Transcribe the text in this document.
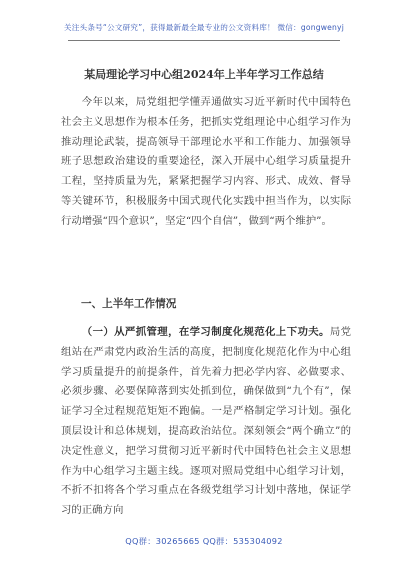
关注头条号“公文研究”，获得最新最全最专业的公文资料库！ 微信：gongwenyj
某局理论学习中心组2024年上半年学习工作总结

今年以来，局党组把学懂弄通做实习近平新时代中国特色社会主义思想作为根本任务，把抓实党组理论中心组学习作为推动理论武装，提高领导干部理论水平和工作能力、加强领导班子思想政治建设的重要途径，深入开展中心组学习质量提升工程，坚持质量为先，紧紧把握学习内容、形式、成效、督导等关键环节，积极服务中国式现代化实践中担当作为，以实际行动增强“四个意识”，坚定“四个自信”，做到“两个维护”。

一、上半年工作情况

（一）从严抓管理，在学习制度化规范化上下功夫。局党组站在严肃党内政治生活的高度，把制度化规范化作为中心组学习质量提升的前提条件，首先着力把必学内容、必做要求、必须步骤、必要保障落到实处抓到位，确保做到“九个有”，保证学习全过程规范矩矩不跑偏。一是严格制定学习计划。强化顶层设计和总体规划，提高政治站位。深刻领会“两个确立”的决定性意义，把学习贯彻习近平新时代中国特色社会主义思想作为中心组学习主题主线。逐项对照局党组中心组学习计划，不折不扣将各个学习重点在各级党组学习计划中落地，保证学习的正确方向

QQ群：30265665 QQ群：535304092
